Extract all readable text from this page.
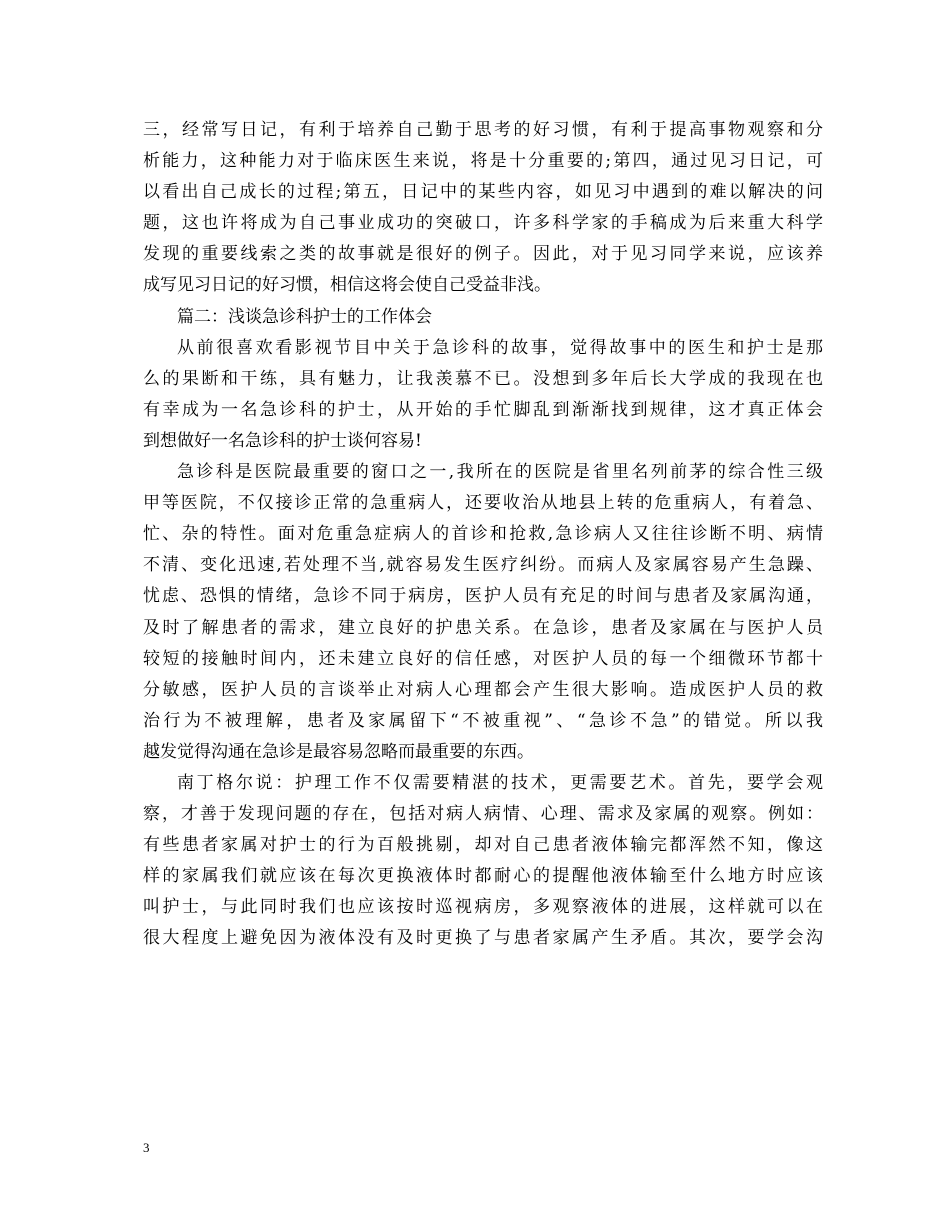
三，经常写日记，有利于培养自己勤于思考的好习惯，有利于提高事物观察和分
析能力，这种能力对于临床医生来说，将是十分重要的;第四，通过见习日记，可
以看出自己成长的过程;第五，日记中的某些内容，如见习中遇到的难以解决的问
题，这也许将成为自己事业成功的突破口，许多科学家的手稿成为后来重大科学
发现的重要线索之类的故事就是很好的例子。因此，对于见习同学来说，应该养
成写见习日记的好习惯，相信这将会使自己受益非浅。
篇二：浅谈急诊科护士的工作体会
从前很喜欢看影视节目中关于急诊科的故事，觉得故事中的医生和护士是那
么的果断和干练，具有魅力，让我羡慕不已。没想到多年后长大学成的我现在也
有幸成为一名急诊科的护士，从开始的手忙脚乱到渐渐找到规律，这才真正体会
到想做好一名急诊科的护士谈何容易!
急诊科是医院最重要的窗口之一,我所在的医院是省里名列前茅的综合性三级
甲等医院，不仅接诊正常的急重病人，还要收治从地县上转的危重病人，有着急、
忙、杂的特性。面对危重急症病人的首诊和抢救,急诊病人又往往诊断不明、病情
不清、变化迅速,若处理不当,就容易发生医疗纠纷。而病人及家属容易产生急躁、
忧虑、恐惧的情绪，急诊不同于病房，医护人员有充足的时间与患者及家属沟通，
及时了解患者的需求，建立良好的护患关系。在急诊，患者及家属在与医护人员
较短的接触时间内，还未建立良好的信任感，对医护人员的每一个细微环节都十
分敏感，医护人员的言谈举止对病人心理都会产生很大影响。造成医护人员的救
治行为不被理解，患者及家属留下“不被重视”、“急诊不急”的错觉。所以我
越发觉得沟通在急诊是最容易忽略而最重要的东西。
南丁格尔说：护理工作不仅需要精湛的技术，更需要艺术。首先，要学会观
察，才善于发现问题的存在，包括对病人病情、心理、需求及家属的观察。例如：
有些患者家属对护士的行为百般挑剔，却对自己患者液体输完都浑然不知，像这
样的家属我们就应该在每次更换液体时都耐心的提醒他液体输至什么地方时应该
叫护士，与此同时我们也应该按时巡视病房，多观察液体的进展，这样就可以在
很大程度上避免因为液体没有及时更换了与患者家属产生矛盾。其次，要学会沟
3
